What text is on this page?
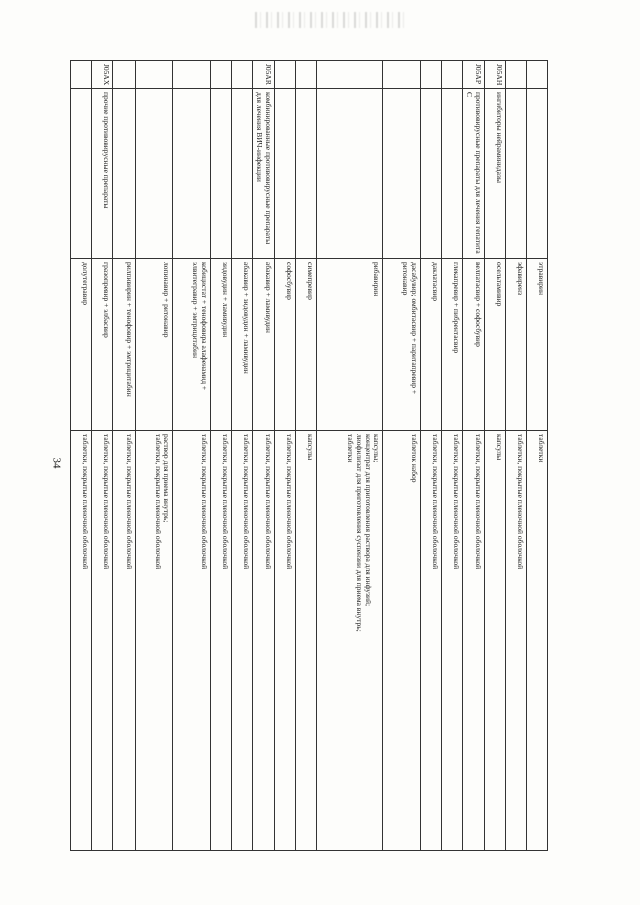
34
		этравирин	таблетки
		эфавиренз	таблетки, покрытые пленочной оболочкой
J05AH	ингибиторы нейраминидазы	осельтамивир	капсулы
J05AP	противовирусные препараты для лечения гепатита С	велпатасвир + софосбувир	таблетки, покрытые пленочной оболочкой
		глекапревир + пибрентасвир	таблетки, покрытые пленочной оболочкой
		даклатасвир	таблетки, покрытые пленочной оболочкой
		дасабувир; омбитасвир + паритапревир + ритонавир	таблеток набор
		рибавирин	капсулы;
концентрат для приготовления раствора для инфузий;
лиофилизат для приготовления суспензии для приема внутрь;
таблетки
		симепревир	капсулы
		софосбувир	таблетки, покрытые пленочной оболочкой
J05AR	комбинированные противовирусные препараты для лечения ВИЧ-инфекции	абакавир + ламивудин	таблетки, покрытые пленочной оболочкой
		абакавир + зидовудин + ламивудин	таблетки, покрытые пленочной оболочкой
		зидовудин + ламивудин	таблетки, покрытые пленочной оболочкой
		кобицистат + тенофовира алафенамид + элвитегравир + эмтрицитабин	таблетки, покрытые пленочной оболочкой
		лопинавир + ритонавир	раствор для приема внутрь;
таблетки, покрытые пленочной оболочкой
		рилпивирин + тенофовир + эмтрицитабин	таблетки, покрытые пленочной оболочкой
J05AX	прочие противовирусные препараты	гразопревир + элбасвир	таблетки, покрытые пленочной оболочкой
		долутегравир	таблетки, покрытые пленочной оболочкой
